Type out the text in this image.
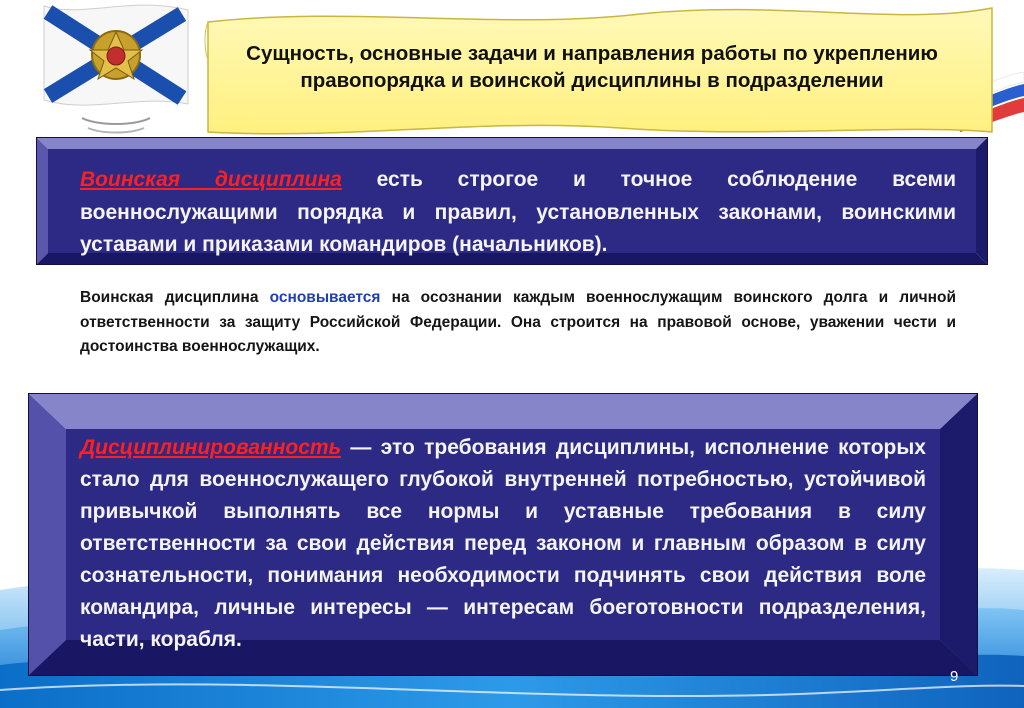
Сущность, основные задачи и направления работы по укреплению правопорядка и воинской дисциплины в подразделении
Воинская дисциплина есть строгое и точное соблюдение всеми военнослужащими порядка и правил, установленных законами, воинскими уставами и приказами командиров (начальников).
Воинская дисциплина основывается на осознании каждым военнослужащим воинского долга и личной ответственности за защиту Российской Федерации. Она строится на правовой основе, уважении чести и достоинства военнослужащих.
Дисциплинированность — это требования дисциплины, исполнение которых стало для военнослужащего глубокой внутренней потребностью, устойчивой привычкой выполнять все нормы и уставные требования в силу ответственности за свои действия перед законом и главным образом в силу сознательности, понимания необходимости подчинять свои действия воле командира, личные интересы — интересам боеготовности подразделения, части, корабля.
9
